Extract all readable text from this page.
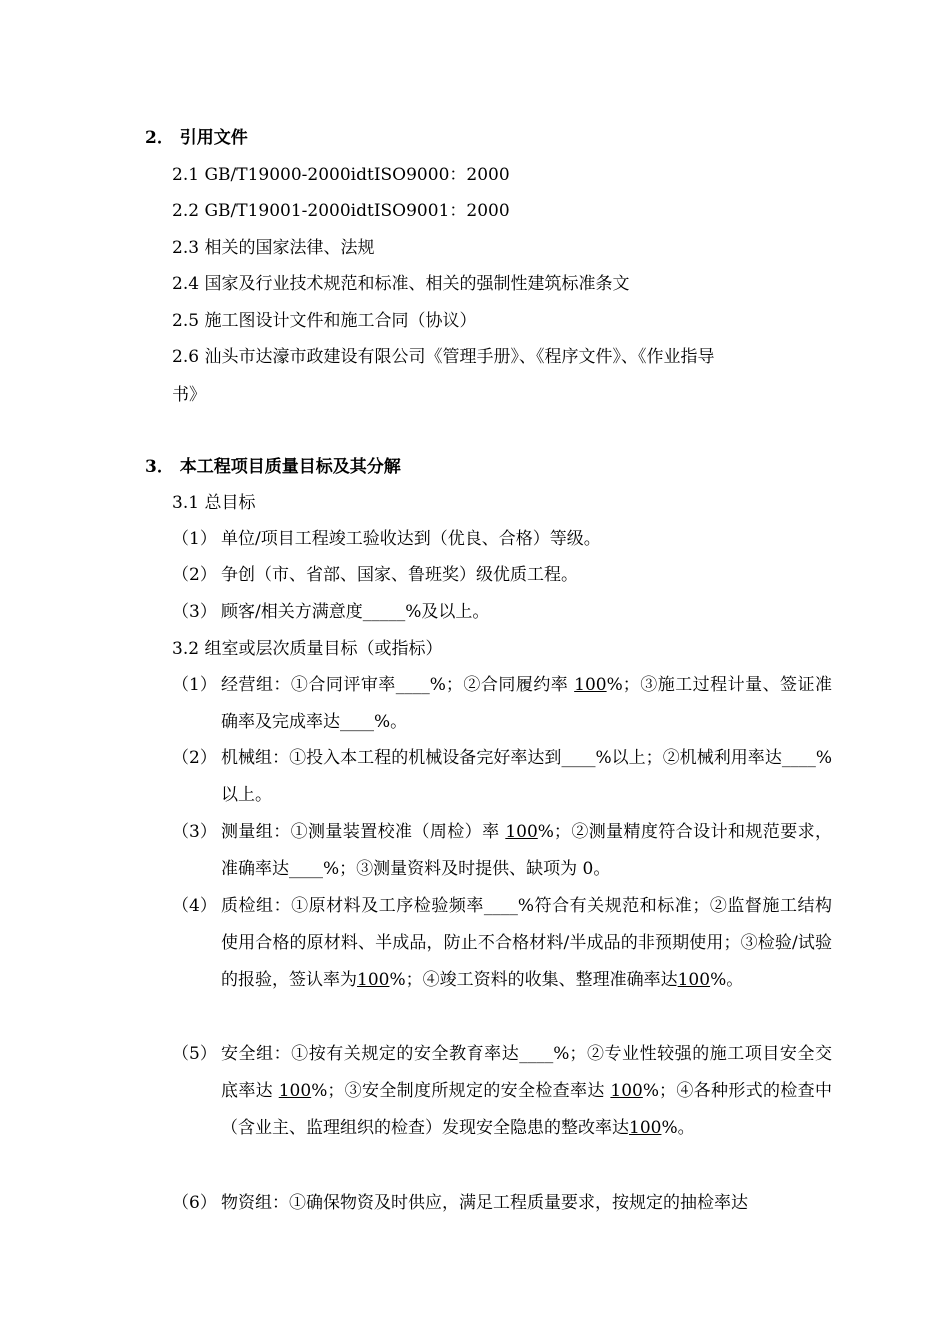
2． 引用文件
2.1 GB/T19000-2000idtISO9000：2000
2.2 GB/T19001-2000idtISO9001：2000
2.3 相关的国家法律、法规
2.4 国家及行业技术规范和标准、相关的强制性建筑标准条文
2.5 施工图设计文件和施工合同（协议）
2.6 汕头市达濠市政建设有限公司《管理手册》、《程序文件》、《作业指导
书》
3． 本工程项目质量目标及其分解
3.1 总目标
（1） 单位/项目工程竣工验收达到（优良、合格）等级。
（2） 争创（市、省部、国家、鲁班奖）级优质工程。
（3） 顾客/相关方满意度_____%及以上。
3.2 组室或层次质量目标（或指标）
（1） 经营组：①合同评审率____%；②合同履约率 100%；③施工过程计量、签证准确率及完成率达____%。
（2） 机械组：①投入本工程的机械设备完好率达到____%以上；②机械利用率达____%以上。
（3） 测量组：①测量装置校准（周检）率 100%；②测量精度符合设计和规范要求，准确率达____%；③测量资料及时提供、缺项为 0。
（4） 质检组：①原材料及工序检验频率____%符合有关规范和标准；②监督施工结构使用合格的原材料、半成品，防止不合格材料/半成品的非预期使用；③检验/试验的报验，签认率为100%；④竣工资料的收集、整理准确率达100%。
（5） 安全组：①按有关规定的安全教育率达____%；②专业性较强的施工项目安全交底率达 100%；③安全制度所规定的安全检查率达 100%；④各种形式的检查中（含业主、监理组织的检查）发现安全隐患的整改率达100%。
（6） 物资组：①确保物资及时供应，满足工程质量要求，按规定的抽检率达
